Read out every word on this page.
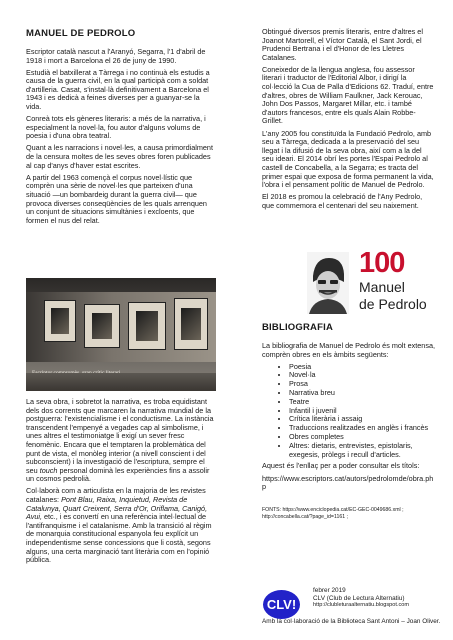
MANUEL DE PEDROLO

Escriptor català nascut a l'Aranyó, Segarra, l'1 d'abril de 1918 i mort a Barcelona el 26 de juny de 1990.

Estudià el batxillerat a Tàrrega i no continuà els estudis a causa de la guerra civil, en la qual participà com a soldat d'artilleria. Casat, s'instal·là definitivament a Barcelona el 1943 i es dedicà a feines diverses per a guanyar-se la vida.

Conreà tots els gèneres literaris: a més de la narrativa, i especialment la novel·la, fou autor d'alguns volums de poesia i d'una obra teatral.

Quant a les narracions i novel·les, a causa primordialment de la censura moltes de les seves obres foren publicades al cap d'anys d'haver estat escrites.

A partir del 1963 començà el corpus novel·lístic que comprèn una sèrie de novel·les que parteixen d'una situació —un bombardeig durant la guerra civil— que provoca diverses conseqüències de les quals arrenquen un conjunt de situacions simultànies i excloents, que formen el nus del relat.

La seva obra, i sobretot la narrativa, es troba equidistant dels dos corrents que marcaren la narrativa mundial de la postguerra: l'existencialisme i el conductisme. La instància transcendent l'empenyé a vegades cap al simbolisme, i unes altres el testimoniatge li exigí un sever fresc fenomènic. Encara que el temptaren la problemàtica del punt de vista, el monòleg interior (a nivell conscient i del subconscient) i la investigació de l'escriptura, sempre el seu touch personal dominà les experiències fins a assolir un cosmos pedrolià.

Col·laborà com a articulista en la majoria de les revistes catalanes: Pont Blau, Raixa, Inquietud, Revista de Catalunya, Quart Creixent, Serra d'Or, Oriflama, Canigó, Avui, etc., i es convertí en una referència intel·lectual de l'antifranquisme i el catalanisme. Amb la transició al règim de monarquia constitucional espanyola feu explícit un independentisme sense concessions que li costà, segons alguns, una certa marginació tant literària com en l'opinió pública.

Obtingué diversos premis literaris, entre d'altres el Joanot Martorell, el Víctor Català, el Sant Jordi, el Prudenci Bertrana i el d'Honor de les Lletres Catalanes.

Coneixedor de la llengua anglesa, fou assessor literari i traductor de l'Editorial Albor, i dirigí la col·lecció la Cua de Palla d'Edicions 62. Traduí, entre d'altres, obres de William Faulkner, Jack Kerouac, John Dos Passos, Margaret Millar, etc. i també d'autors francesos, entre els quals Alain Robbe-Grillet.

L'any 2005 fou constituïda la Fundació Pedrolo, amb seu a Tàrrega, dedicada a la preservació del seu llegat i la difusió de la seva obra, així com a la del seu ideari. El 2014 obrí les portes l'Espai Pedrolo al castell de Concabella, a la Segarra; es tracta del primer espai que exposa de forma permanent la vida, l'obra i el pensament polític de Manuel de Pedrolo.

El 2018 es promou la celebració de l'Any Pedrolo, que commemora el centenari del seu naixement.

100
Manuel
de Pedrolo
BIBLIOGRAFIA

La bibliografia de Manuel de Pedrolo és molt extensa, comprèn obres en els àmbits següents:

• Poesia
• Novel·la
• Prosa
• Narrativa breu
• Teatre
• Infantil i juvenil
• Crítica literària i assaig
• Traduccions realitzades en anglès i francès
• Obres completes
• Altres: dietaris, entrevistes, epistolaris, exegesis, pròlegs i recull d'articles.

Aquest és l'enllaç per a poder consultar els títols:

https://www.escriptors.cat/autors/pedrolomde/obra.php

FONTS: https://www.enciclopedia.cat/EC-GEC-0049686.xml ; http://concabella.cat/?page_id=1161 ;

CLV!

febrer 2019

CLV (Club de Lectura Alternatiu)

http://clubleturaalternatiu.blogspot.com

Amb la col·laboració de la Biblioteca Sant Antoni – Joan Oliver.
